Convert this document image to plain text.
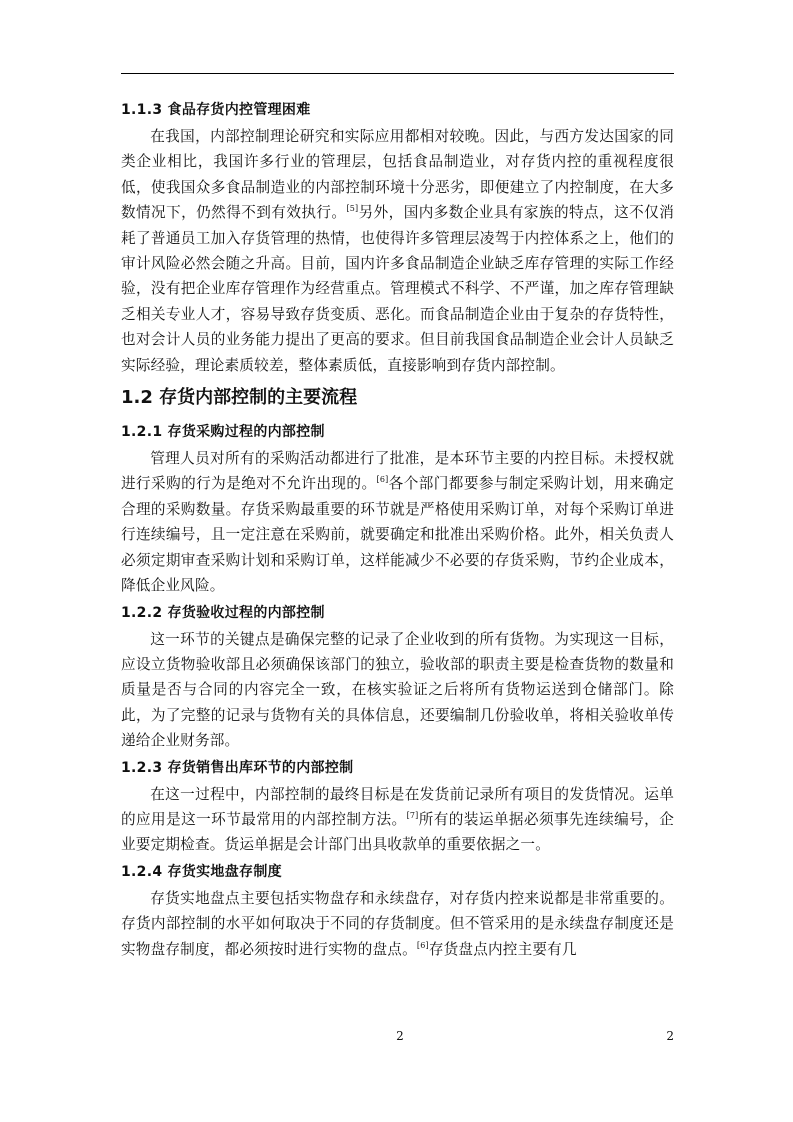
1.1.3 食品存货内控管理困难

在我国，内部控制理论研究和实际应用都相对较晚。因此，与西方发达国家的同类企业相比，我国许多行业的管理层，包括食品制造业，对存货内控的重视程度很低，使我国众多食品制造业的内部控制环境十分恶劣，即便建立了内控制度，在大多数情况下，仍然得不到有效执行。[5]另外，国内多数企业具有家族的特点，这不仅消耗了普通员工加入存货管理的热情，也使得许多管理层凌驾于内控体系之上，他们的审计风险必然会随之升高。目前，国内许多食品制造企业缺乏库存管理的实际工作经验，没有把企业库存管理作为经营重点。管理模式不科学、不严谨，加之库存管理缺乏相关专业人才，容易导致存货变质、恶化。而食品制造企业由于复杂的存货特性，也对会计人员的业务能力提出了更高的要求。但目前我国食品制造企业会计人员缺乏实际经验，理论素质较差，整体素质低，直接影响到存货内部控制。

1.2 存货内部控制的主要流程
1.2.1 存货采购过程的内部控制

管理人员对所有的采购活动都进行了批准，是本环节主要的内控目标。未授权就进行采购的行为是绝对不允许出现的。[6]各个部门都要参与制定采购计划，用来确定合理的采购数量。存货采购最重要的环节就是严格使用采购订单，对每个采购订单进行连续编号，且一定注意在采购前，就要确定和批准出采购价格。此外，相关负责人必须定期审查采购计划和采购订单，这样能减少不必要的存货采购，节约企业成本，降低企业风险。

1.2.2 存货验收过程的内部控制

这一环节的关键点是确保完整的记录了企业收到的所有货物。为实现这一目标，应设立货物验收部且必须确保该部门的独立，验收部的职责主要是检查货物的数量和质量是否与合同的内容完全一致，在核实验证之后将所有货物运送到仓储部门。除此，为了完整的记录与货物有关的具体信息，还要编制几份验收单，将相关验收单传递给企业财务部。

1.2.3 存货销售出库环节的内部控制

在这一过程中，内部控制的最终目标是在发货前记录所有项目的发货情况。运单的应用是这一环节最常用的内部控制方法。[7]所有的装运单据必须事先连续编号，企业要定期检查。货运单据是会计部门出具收款单的重要依据之一。

1.2.4 存货实地盘存制度

存货实地盘点主要包括实物盘存和永续盘存，对存货内控来说都是非常重要的。存货内部控制的水平如何取决于不同的存货制度。但不管采用的是永续盘存制度还是实物盘存制度，都必须按时进行实物的盘点。[6]存货盘点内控主要有几

2	2
